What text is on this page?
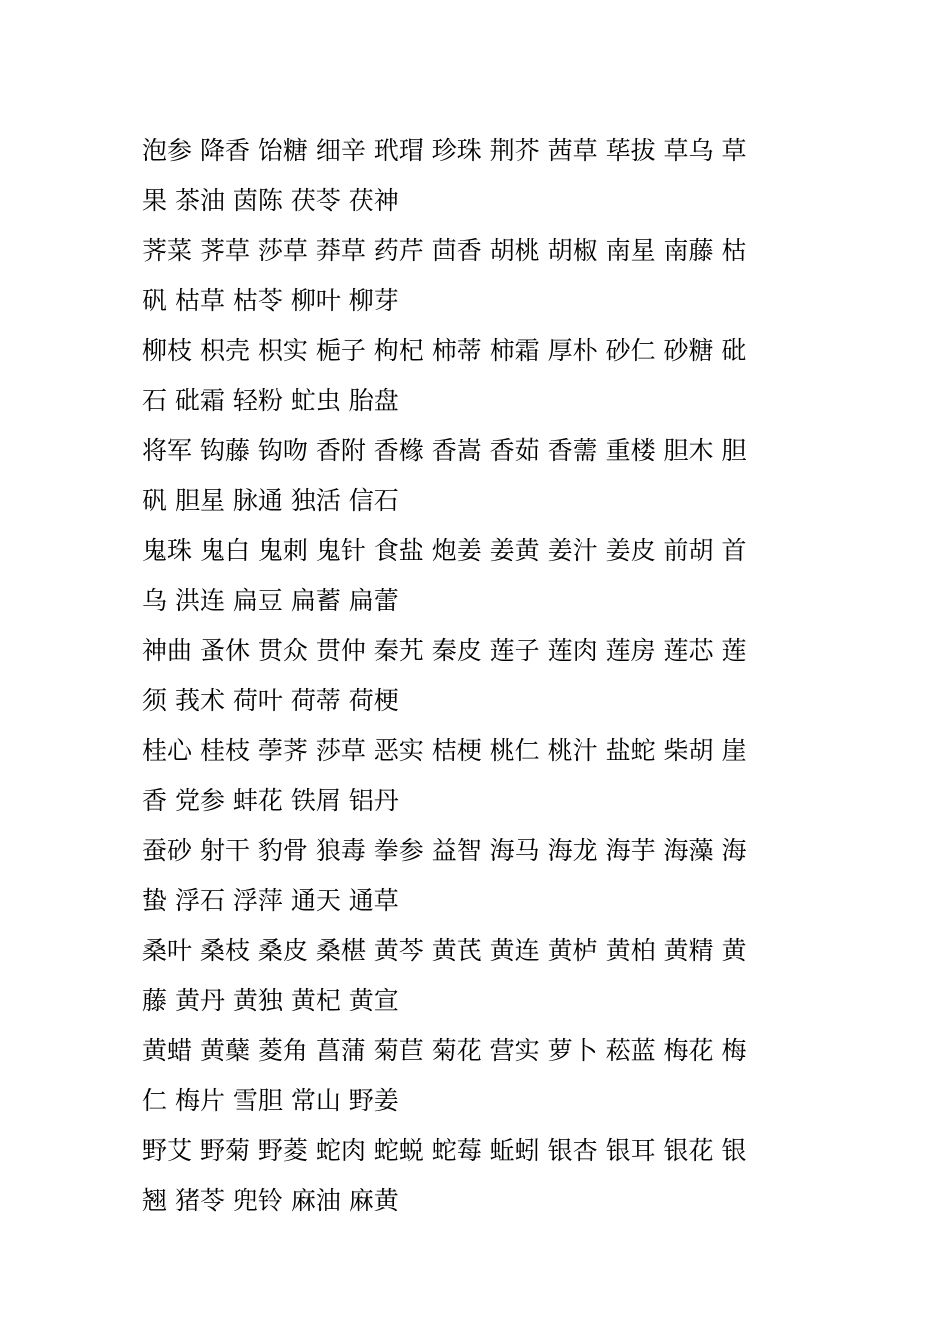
泡参 降香 饴糖 细辛 玳瑁 珍珠 荆芥 茜草 荜拔 草乌 草
果 茶油 茵陈 茯苓 茯神
荠菜 荠草 莎草 莽草 药芹 茴香 胡桃 胡椒 南星 南藤 枯
矾 枯草 枯苓 柳叶 柳芽
柳枝 枳壳 枳实 梔子 枸杞 柿蒂 柿霜 厚朴 砂仁 砂糖 砒
石 砒霜 轻粉 虻虫 胎盘
将军 钩藤 钩吻 香附 香橼 香嵩 香茹 香薷 重楼 胆木 胆
矾 胆星 脉通 独活 信石
鬼珠 鬼白 鬼刺 鬼针 食盐 炮姜 姜黄 姜汁 姜皮 前胡 首
乌 洪连 扁豆 扁蓄 扁蕾
神曲 蚤休 贯众 贯仲 秦艽 秦皮 莲子 莲肉 莲房 莲芯 莲
须 莪术 荷叶 荷蒂 荷梗
桂心 桂枝 荸荠 莎草 恶实 桔梗 桃仁 桃汁 盐蛇 柴胡 崖
香 党参 蚌花 铁屑 铝丹
蚕砂 射干 豹骨 狼毒 拳参 益智 海马 海龙 海芋 海藻 海
蛰 浮石 浮萍 通天 通草
桑叶 桑枝 桑皮 桑椹 黄芩 黄芪 黄连 黄栌 黄柏 黄精 黄
藤 黄丹 黄独 黄杞 黄宣
黄蜡 黄蘖 菱角 菖蒲 菊苣 菊花 营实 萝卜 菘蓝 梅花 梅
仁 梅片 雪胆 常山 野姜
野艾 野菊 野菱 蛇肉 蛇蜕 蛇莓 蚯蚓 银杏 银耳 银花 银
翘 猪苓 兜铃 麻油 麻黄
